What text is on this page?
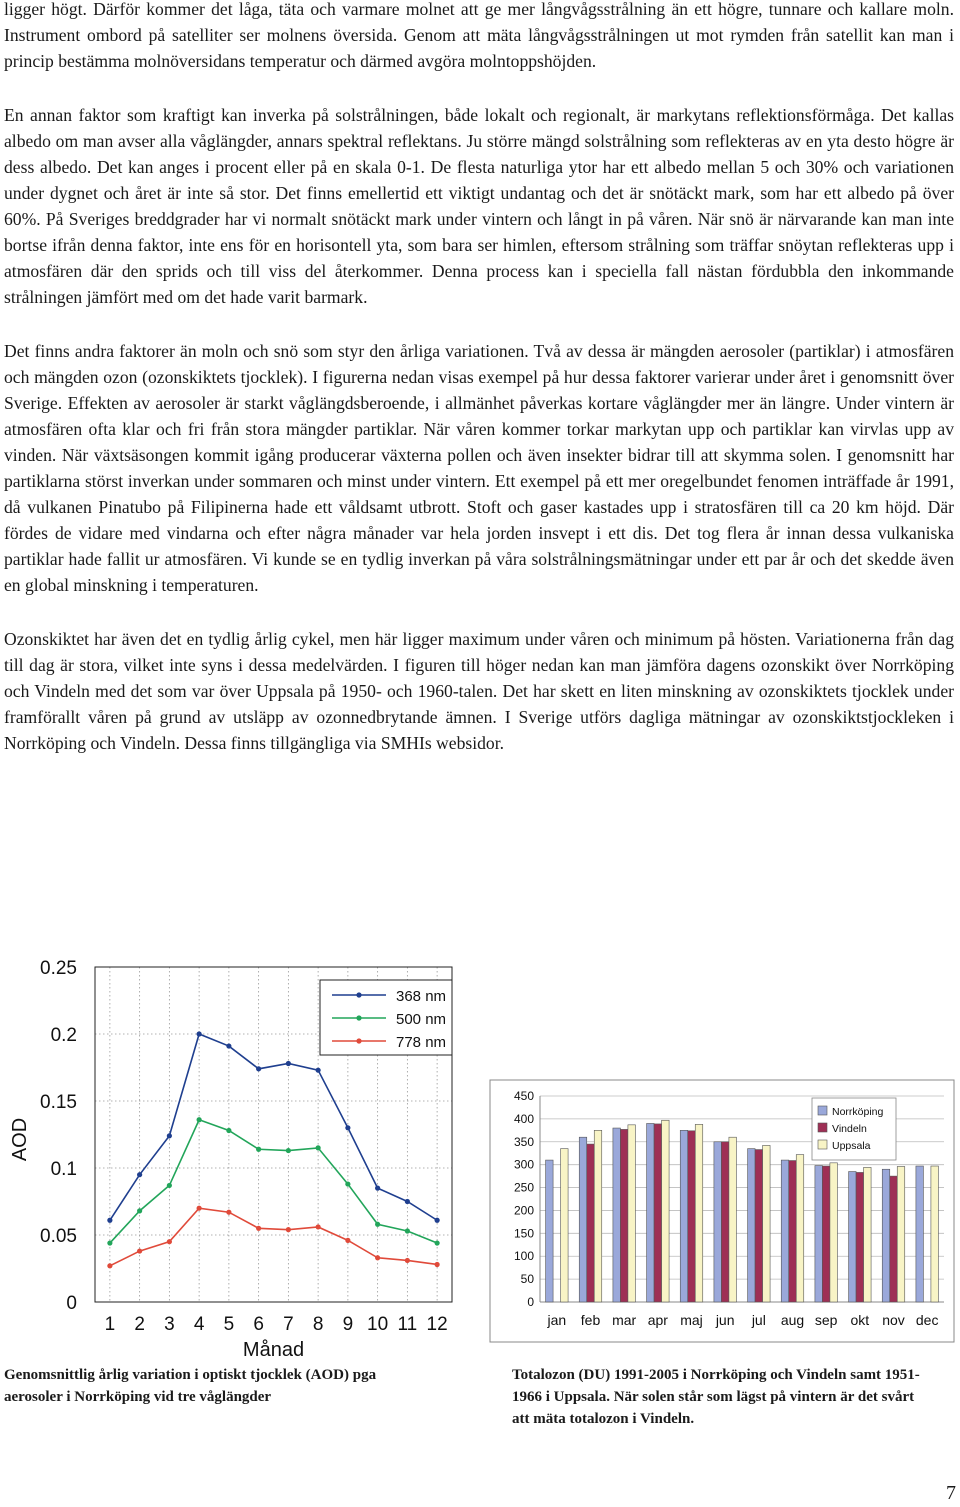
ligger högt. Därför kommer det låga, täta och varmare molnet att ge mer långvågsstrålning än ett högre, tunnare och kallare moln. Instrument ombord på satelliter ser molnens översida. Genom att mäta långvågsstrålningen ut mot rymden från satellit kan man i princip bestämma molnöversidans temperatur och därmed avgöra molntoppshöjden.

En annan faktor som kraftigt kan inverka på solstrålningen, både lokalt och regionalt, är markytans reflektionsförmåga. Det kallas albedo om man avser alla våglängder, annars spektral reflektans. Ju större mängd solstrålning som reflekteras av en yta desto högre är dess albedo. Det kan anges i procent eller på en skala 0-1. De flesta naturliga ytor har ett albedo mellan 5 och 30% och variationen under dygnet och året är inte så stor. Det finns emellertid ett viktigt undantag och det är snötäckt mark, som har ett albedo på över 60%. På Sveriges breddgrader har vi normalt snötäckt mark under vintern och långt in på våren. När snö är närvarande kan man inte bortse ifrån denna faktor, inte ens för en horisontell yta, som bara ser himlen, eftersom strålning som träffar snöytan reflekteras upp i atmosfären där den sprids och till viss del återkommer. Denna process kan i speciella fall nästan fördubbla den inkommande strålningen jämfört med om det hade varit barmark.

Det finns andra faktorer än moln och snö som styr den årliga variationen. Två av dessa är mängden aerosoler (partiklar) i atmosfären och mängden ozon (ozonskiktets tjocklek). I figurerna nedan visas exempel på hur dessa faktorer varierar under året i genomsnitt över Sverige. Effekten av aerosoler är starkt våglängdsberoende, i allmänhet påverkas kortare våglängder mer än längre. Under vintern är atmosfären ofta klar och fri från stora mängder partiklar. När våren kommer torkar markytan upp och partiklar kan virvlas upp av vinden. När växtsäsongen kommit igång producerar växterna pollen och även insekter bidrar till att skymma solen. I genomsnitt har partiklarna störst inverkan under sommaren och minst under vintern. Ett exempel på ett mer oregelbundet fenomen inträffade år 1991, då vulkanen Pinatubo på Filipinerna hade ett våldsamt utbrott. Stoft och gaser kastades upp i stratosfären till ca 20 km höjd. Där fördes de vidare med vindarna och efter några månader var hela jorden insvept i ett dis. Det tog flera år innan dessa vulkaniska partiklar hade fallit ur atmosfären. Vi kunde se en tydlig inverkan på våra solstrålningsmätningar under ett par år och det skedde även en global minskning i temperaturen.

Ozonskiktet har även det en tydlig årlig cykel, men här ligger maximum under våren och minimum på hösten. Variationerna från dag till dag är stora, vilket inte syns i dessa medelvärden. I figuren till höger nedan kan man jämföra dagens ozonskikt över Norrköping och Vindeln med det som var över Uppsala på 1950- och 1960-talen. Det har skett en liten minskning av ozonskiktets tjocklek under framförallt våren på grund av utsläpp av ozonnedbrytande ämnen. I Sverige utförs dagliga mätningar av ozonskiktstjockleken i Norrköping och Vindeln. Dessa finns tillgängliga via SMHIs websidor.

0
0.05
0.1
0.15
0.2
0.25
1 2 3 4 5 6 7 8 9 10 11 12
Månad
AOD
368 nm
500 nm
778 nm
Genomsnittlig årlig variation i optiskt tjocklek (AOD) pga aerosoler i Norrköping vid tre våglängder
0
50
100
150
200
250
300
350
400
450
jan feb mar apr maj jun jul aug sep okt nov dec
Norrköping
Vindeln
Uppsala
Totalozon (DU) 1991-2005 i Norrköping och Vindeln samt 1951-1966 i Uppsala. När solen står som lägst på vintern är det svårt att mäta totalozon i Vindeln.
7
